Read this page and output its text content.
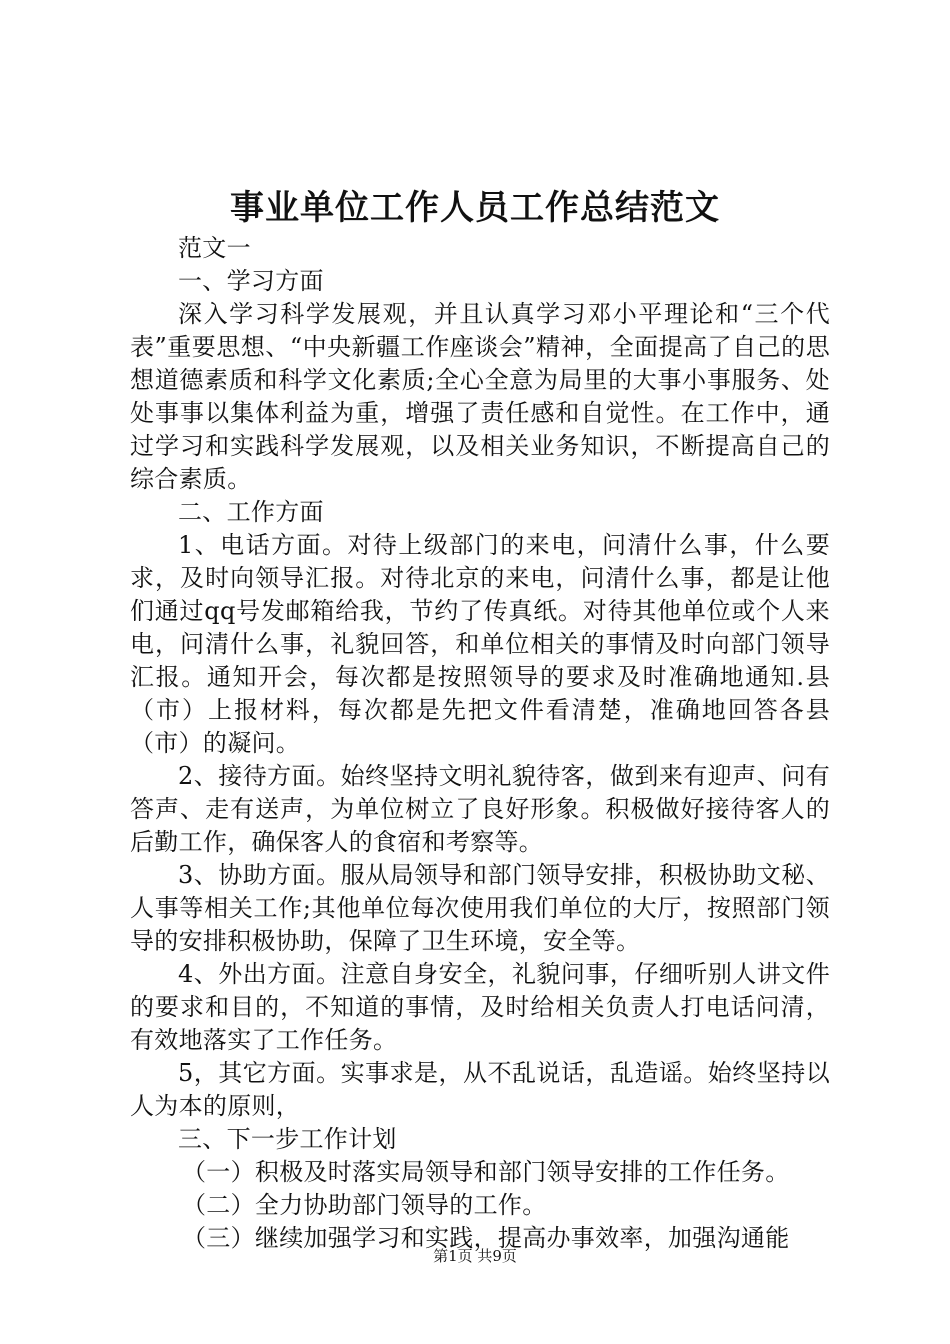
事业单位工作人员工作总结范文

范文一

一、学习方面

深入学习科学发展观，并且认真学习邓小平理论和“三个代表”重要思想、“中央新疆工作座谈会”精神，全面提高了自己的思想道德素质和科学文化素质;全心全意为局里的大事小事服务、处处事事以集体利益为重，增强了责任感和自觉性。在工作中，通过学习和实践科学发展观，以及相关业务知识，不断提高自己的综合素质。

二、工作方面

1、电话方面。对待上级部门的来电，问清什么事，什么要求，及时向领导汇报。对待北京的来电，问清什么事，都是让他们通过qq号发邮箱给我，节约了传真纸。对待其他单位或个人来电，问清什么事，礼貌回答，和单位相关的事情及时向部门领导汇报。通知开会，每次都是按照领导的要求及时准确地通知.县（市）上报材料，每次都是先把文件看清楚，准确地回答各县（市）的凝问。

2、接待方面。始终坚持文明礼貌待客，做到来有迎声、问有答声、走有送声，为单位树立了良好形象。积极做好接待客人的后勤工作，确保客人的食宿和考察等。

3、协助方面。服从局领导和部门领导安排，积极协助文秘、人事等相关工作;其他单位每次使用我们单位的大厅，按照部门领导的安排积极协助，保障了卫生环境，安全等。

4、外出方面。注意自身安全，礼貌问事，仔细听别人讲文件的要求和目的，不知道的事情，及时给相关负责人打电话问清，有效地落实了工作任务。

5，其它方面。实事求是，从不乱说话，乱造谣。始终坚持以人为本的原则，

三、下一步工作计划

（一）积极及时落实局领导和部门领导安排的工作任务。

（二）全力协助部门领导的工作。

（三）继续加强学习和实践，提高办事效率，加强沟通能

第1页 共9页
